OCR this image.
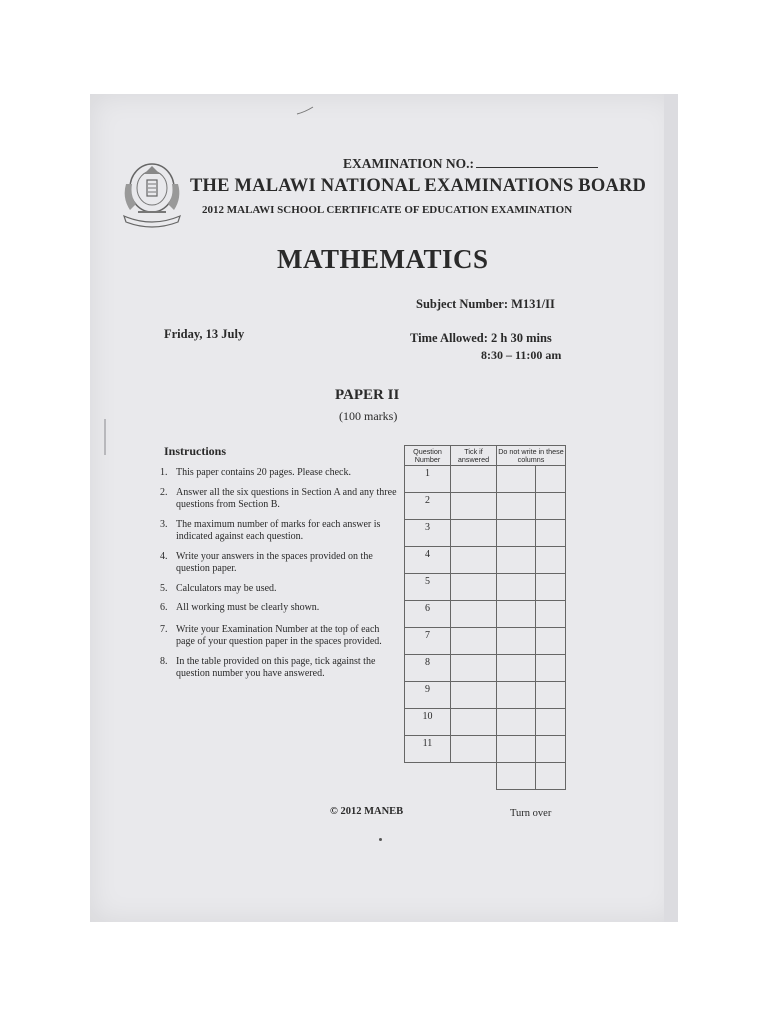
EXAMINATION NO.:
THE MALAWI NATIONAL EXAMINATIONS BOARD
2012 MALAWI SCHOOL CERTIFICATE OF EDUCATION EXAMINATION
MATHEMATICS
Subject Number: M131/II
Friday, 13 July	Time Allowed: 2 h 30 mins
8:30 – 11:00 am
PAPER II
(100 marks)
Instructions
1. This paper contains 20 pages. Please check.
2. Answer all the six questions in Section A and any three questions from Section B.
3. The maximum number of marks for each answer is indicated against each question.
4. Write your answers in the spaces provided on the question paper.
5. Calculators may be used.
6. All working must be clearly shown.
7. Write your Examination Number at the top of each page of your question paper in the spaces provided.
8. In the table provided on this page, tick against the question number you have answered.
Question Number	Tick if answered	Do not write in these columns	
1			
2			
3			
4			
5			
6			
7			
8			
9			
10			
11			

© 2012 MANEB	Turn over
